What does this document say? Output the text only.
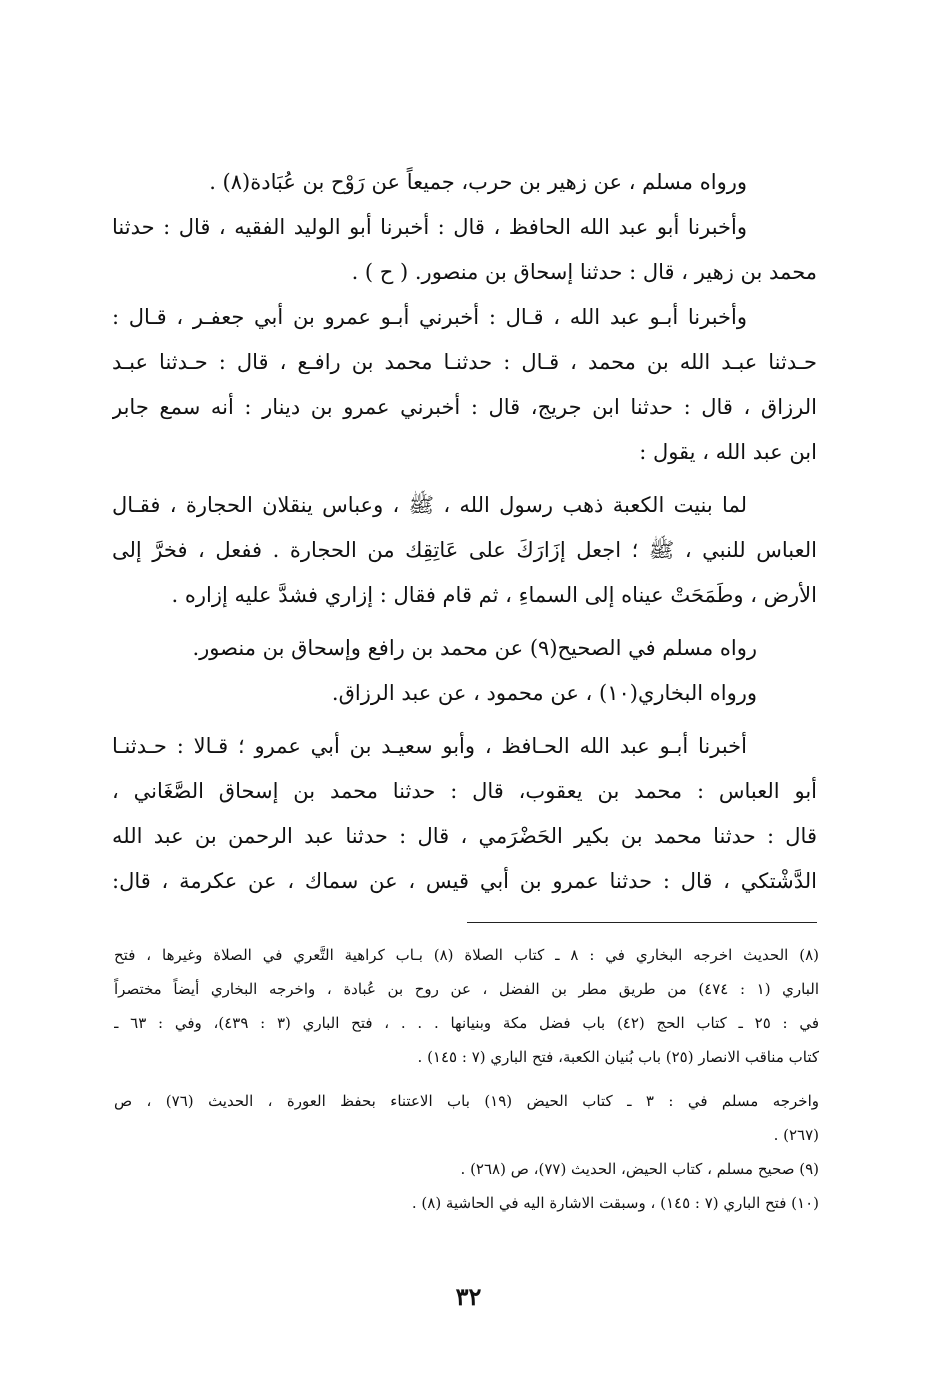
ورواه مسلم ، عن زهير بن حرب، جميعاً عن رَوْح بن عُبَادة(٨) .
وأخبرنا أبو عبد الله الحافظ ، قال : أخبرنا أبو الوليد الفقيه ، قال : حدثنا
محمد بن زهير ، قال : حدثنا إسحاق بن منصور. ( ح ) .
وأخبرنا أبـو عبد الله ، قـال : أخبرني أبـو عمرو بن أبي جعفـر ، قـال :
حـدثنا عبـد الله بن محمد ، قـال : حدثنـا محمد بن رافـع ، قال : حـدثنا عبـد
الرزاق ، قال : حدثنا ابن جريج، قال : أخبرني عمرو بن دينار : أنه سمع جابر
ابن عبد الله ، يقول :
لما بنيت الكعبة ذهب رسول الله ، ﷺ ، وعباس ينقلان الحجارة ، فقـال
العباس للنبي ، ﷺ ؛ اجعل إزَارَكَ على عَاتِقِك من الحجارة . ففعل ، فخرَّ إلى
الأرض ، وطَمَحَتْ عيناه إلى السماءِ ، ثم قام فقال : إزاري فشدَّ عليه إزاره .
رواه مسلم في الصحيح(٩) عن محمد بن رافع وإسحاق بن منصور.
ورواه البخاري(١٠) ، عن محمود ، عن عبد الرزاق.
أخبرنا أبـو عبد الله الحـافظ ، وأبو سعيـد بن أبي عمرو ؛ قـالا : حـدثنـا
أبو العباس : محمد بن يعقوب، قال : حدثنا محمد بن إسحاق الصَّغَاني ،
قال : حدثنا محمد بن بكير الحَضْرَمي ، قال : حدثنا عبد الرحمن بن عبد الله
الدَّشْتكي ، قال : حدثنا عمرو بن أبي قيس ، عن سماك ، عن عكرمة ، قال:
(٨) الحديث اخرجه البخاري في : ٨ ـ كتاب الصلاة (٨) بـاب كراهية التَّعري في الصلاة وغيرها ، فتح
الباري (١ : ٤٧٤) من طريق مطر بن الفضل ، عن روح بن عُبادة ، واخرجه البخاري أيضاً مختصراً
في : ٢٥ ـ كتاب الحج (٤٢) باب فضل مكة وبنيانها . . . ، فتح الباري (٣ : ٤٣٩)، وفي : ٦٣ ـ
كتاب مناقب الانصار (٢٥) باب بُنيان الكعبة، فتح الباري (٧ : ١٤٥) .
واخرجه مسلم في : ٣ ـ كتاب الحيض (١٩) باب الاعتناء بحفظ العورة ، الحديث (٧٦) ، ص
(٢٦٧) .
(٩) صحيح مسلم ، كتاب الحيض، الحديث (٧٧)، ص (٢٦٨) .
(١٠) فتح الباري (٧ : ١٤٥) ، وسبقت الاشارة اليه في الحاشية (٨) .
٣٢
